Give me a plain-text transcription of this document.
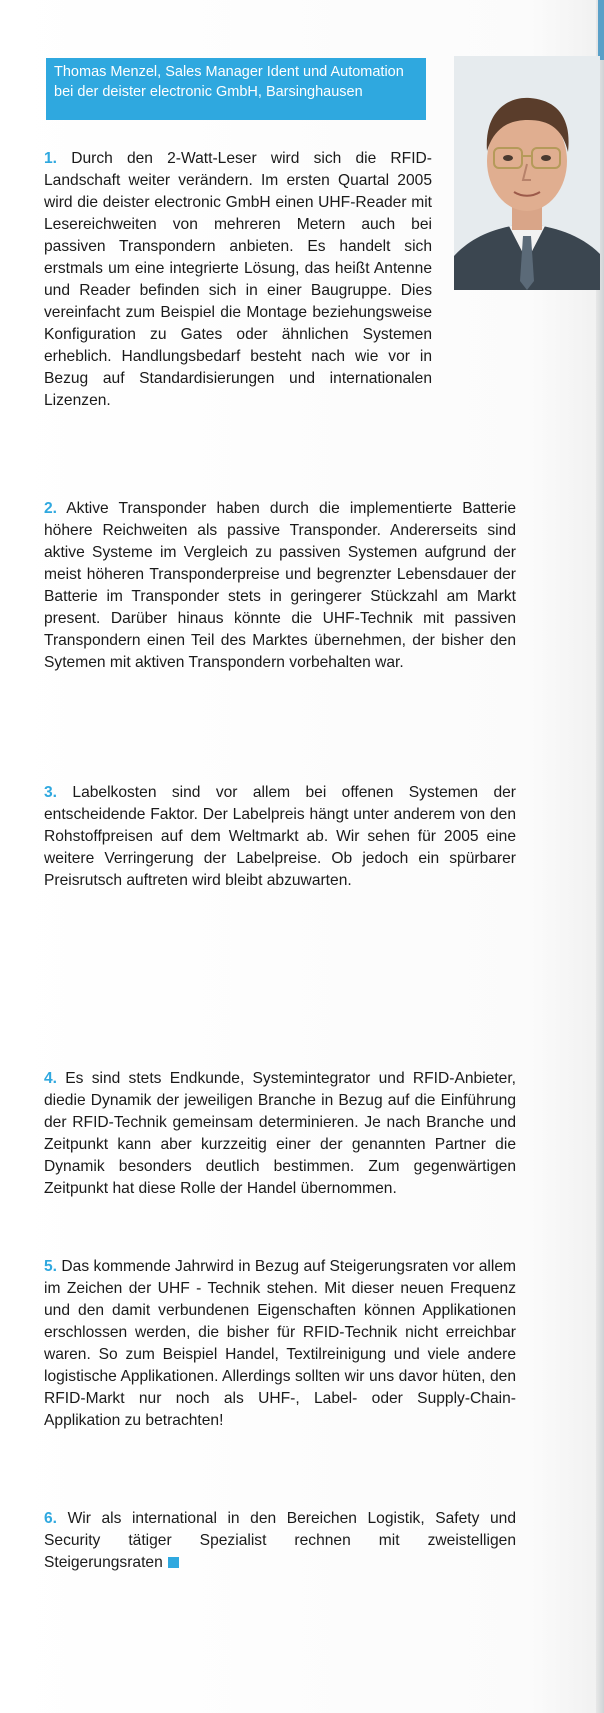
Thomas Menzel, Sales Manager Ident und Automation bei der deister electronic GmbH, Barsinghausen

1. Durch den 2-Watt-Leser wird sich die RFID-Landschaft weiter verändern. Im ersten Quartal 2005 wird die deister electronic GmbH einen UHF-Reader mit Lesereichweiten von mehreren Metern auch bei passiven Transpondern anbieten. Es handelt sich erstmals um eine integrierte Lösung, das heißt Antenne und Reader befinden sich in einer Baugruppe. Dies vereinfacht zum Beispiel die Montage beziehungsweise Konfiguration zu Gates oder ähnlichen Systemen erheblich. Handlungsbedarf besteht nach wie vor in Bezug auf Standardisierungen und internationalen Lizenzen.

2. Aktive Transponder haben durch die implementierte Batterie höhere Reichweiten als passive Transponder. Andererseits sind aktive Systeme im Vergleich zu passiven Systemen aufgrund der meist höheren Transponderpreise und begrenzter Lebensdauer der Batterie im Transponder stets in geringerer Stückzahl am Markt present. Darüber hinaus könnte die UHF-Technik mit passiven Transpondern einen Teil des Marktes übernehmen, der bisher den Sytemen mit aktiven Transpondern vorbehalten war.

3. Labelkosten sind vor allem bei offenen Systemen der entscheidende Faktor. Der Labelpreis hängt unter anderem von den Rohstoffpreisen auf dem Weltmarkt ab. Wir sehen für 2005 eine weitere Verringerung der Labelpreise. Ob jedoch ein spürbarer Preisrutsch auftreten wird bleibt abzuwarten.

4. Es sind stets Endkunde, Systemintegrator und RFID-Anbieter, diedie Dynamik der jeweiligen Branche in Bezug auf die Einführung der RFID-Technik gemeinsam determinieren. Je nach Branche und Zeitpunkt kann aber kurzzeitig einer der genannten Partner die Dynamik besonders deutlich bestimmen. Zum gegenwärtigen Zeitpunkt hat diese Rolle der Handel übernommen.

5. Das kommende Jahrwird in Bezug auf Steigerungsraten vor allem im Zeichen der UHF - Technik stehen. Mit dieser neuen Frequenz und den damit verbundenen Eigenschaften können Applikationen erschlossen werden, die bisher für RFID-Technik nicht erreichbar waren. So zum Beispiel Handel, Textilreinigung und viele andere logistische Applikationen. Allerdings sollten wir uns davor hüten, den RFID-Markt nur noch als UHF-, Label- oder Supply-Chain-Applikation zu betrachten!

6. Wir als international in den Bereichen Logistik, Safety und Security tätiger Spezialist rechnen mit zweistelligen Steigerungsraten
